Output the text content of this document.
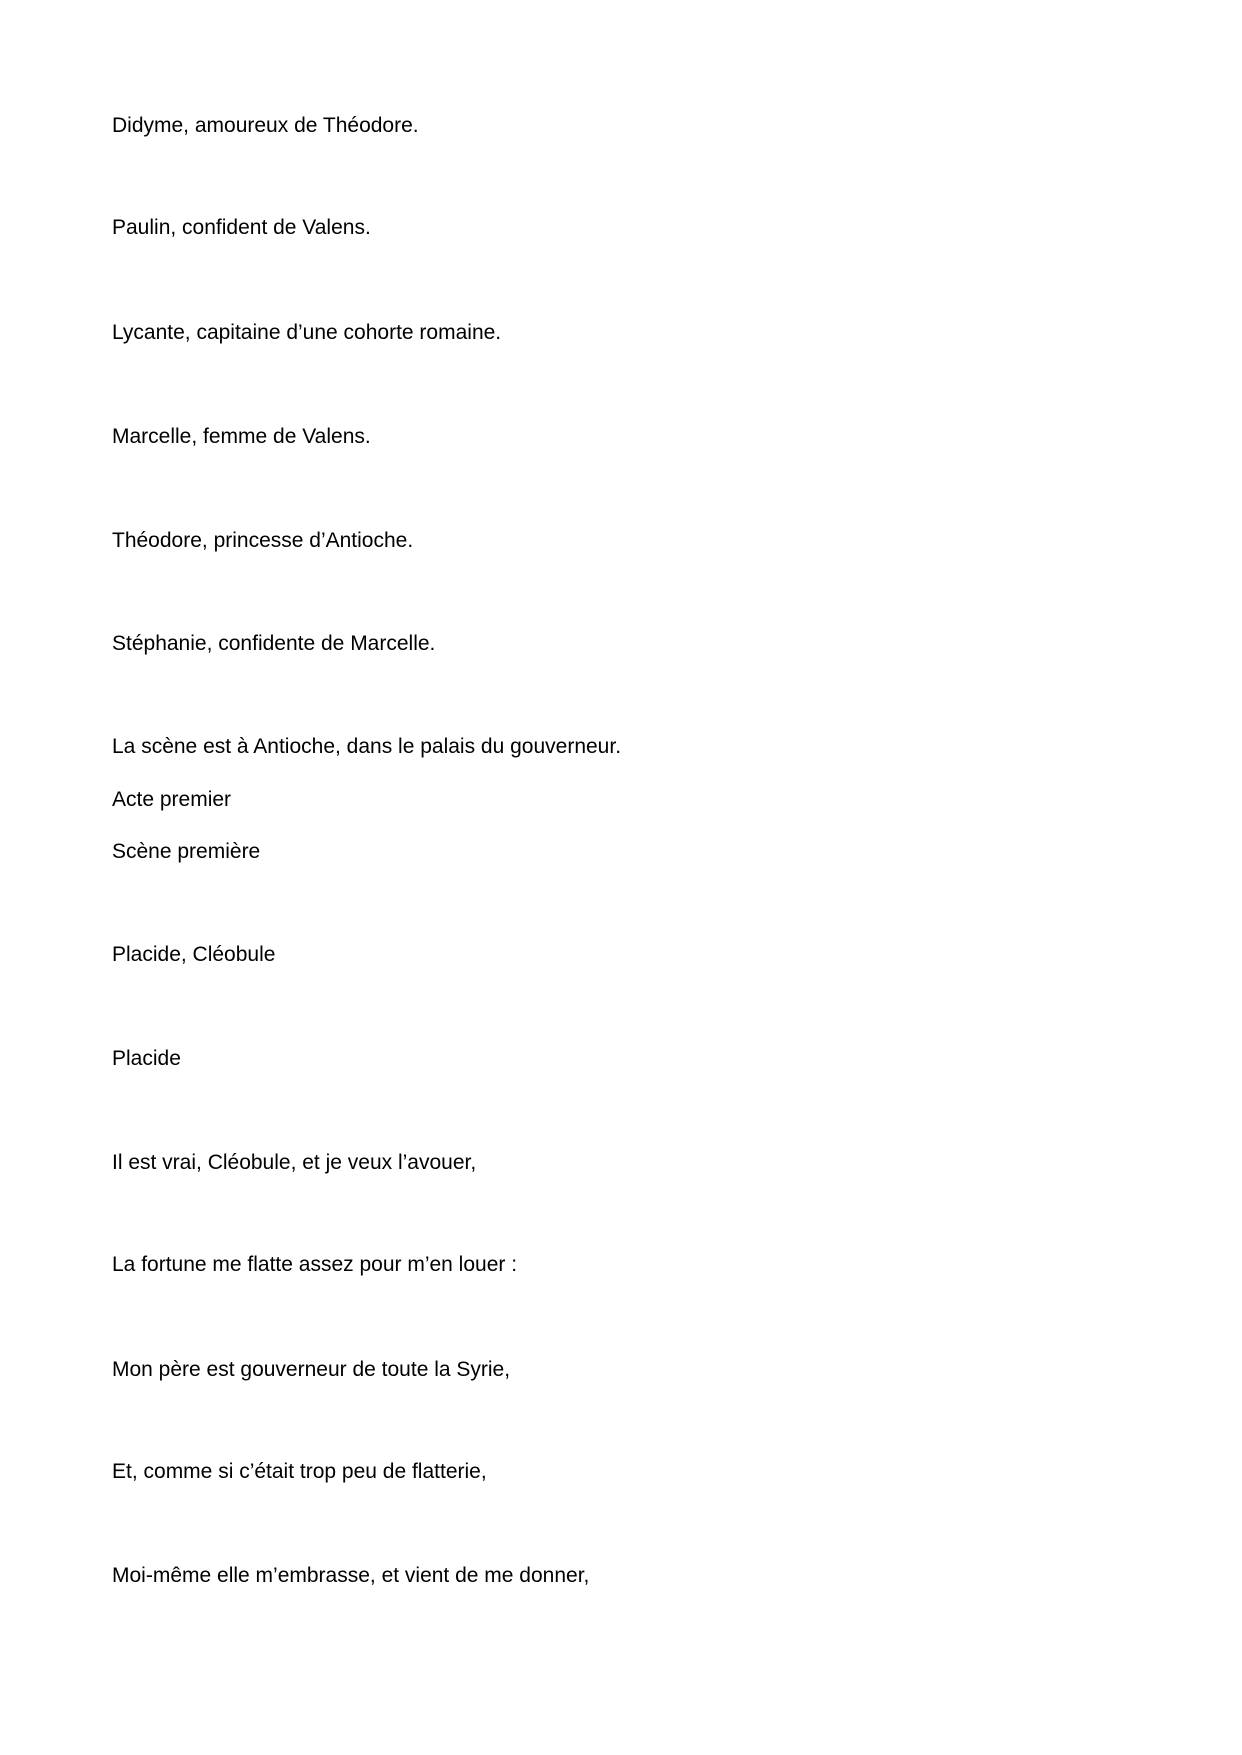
Didyme, amoureux de Théodore.

Paulin, confident de Valens.

Lycante, capitaine d’une cohorte romaine.

Marcelle, femme de Valens.

Théodore, princesse d’Antioche.

Stéphanie, confidente de Marcelle.

La scène est à Antioche, dans le palais du gouverneur.

Acte premier

Scène première

Placide, Cléobule

Placide

Il est vrai, Cléobule, et je veux l’avouer,

La fortune me flatte assez pour m’en louer :

Mon père est gouverneur de toute la Syrie,

Et, comme si c’était trop peu de flatterie,

Moi-même elle m’embrasse, et vient de me donner,
